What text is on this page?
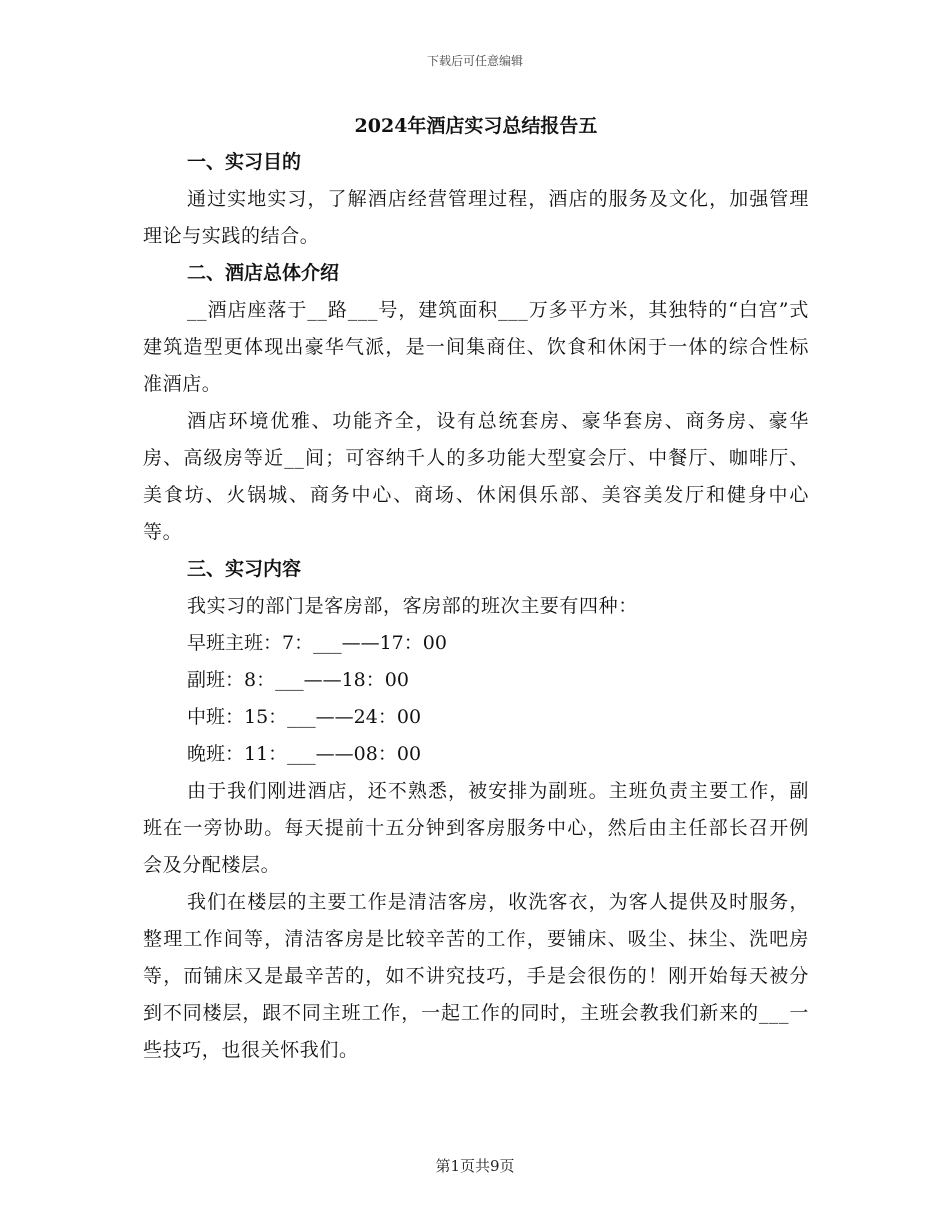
下载后可任意编辑
2024年酒店实习总结报告五
一、实习目的

通过实地实习，了解酒店经营管理过程，酒店的服务及文化，加强管理理论与实践的结合。

二、酒店总体介绍

__酒店座落于__路___号，建筑面积___万多平方米，其独特的“白宫”式建筑造型更体现出豪华气派，是一间集商住、饮食和休闲于一体的综合性标准酒店。

酒店环境优雅、功能齐全，设有总统套房、豪华套房、商务房、豪华房、高级房等近__间；可容纳千人的多功能大型宴会厅、中餐厅、咖啡厅、美食坊、火锅城、商务中心、商场、休闲俱乐部、美容美发厅和健身中心等。

三、实习内容

我实习的部门是客房部，客房部的班次主要有四种：

早班主班：7：___——17：00
副班：8：___——18：00
中班：15：___——24：00
晚班：11：___——08：00

由于我们刚进酒店，还不熟悉，被安排为副班。主班负责主要工作，副班在一旁协助。每天提前十五分钟到客房服务中心，然后由主任部长召开例会及分配楼层。

我们在楼层的主要工作是清洁客房，收洗客衣，为客人提供及时服务，整理工作间等，清洁客房是比较辛苦的工作，要铺床、吸尘、抹尘、洗吧房等，而铺床又是最辛苦的，如不讲究技巧，手是会很伤的！刚开始每天被分到不同楼层，跟不同主班工作，一起工作的同时，主班会教我们新来的___一些技巧，也很关怀我们。

第1页共9页
